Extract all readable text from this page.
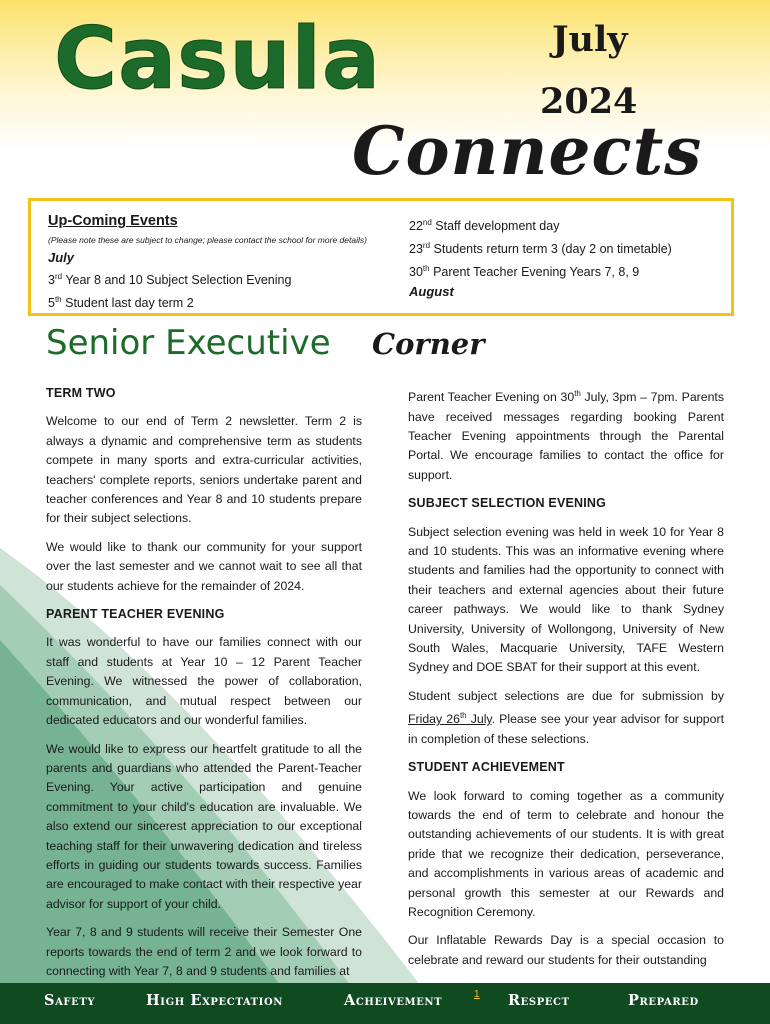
Casula	July
2024
Connects
Up-Coming Events
(Please note these are subject to change; please contact the school for more details)
July
3rd Year 8 and 10 Subject Selection Evening
5th Student last day term 2
22nd Staff development day
23rd Students return term 3 (day 2 on timetable)
30th Parent Teacher Evening Years 7, 8, 9
August
Senior Executive Corner
TERM TWO

Welcome to our end of Term 2 newsletter. Term 2 is always a dynamic and comprehensive term as students compete in many sports and extra-curricular activities, teachers' complete reports, seniors undertake parent and teacher conferences and Year 8 and 10 students prepare for their subject selections.

We would like to thank our community for your support over the last semester and we cannot wait to see all that our students achieve for the remainder of 2024.

PARENT TEACHER EVENING

It was wonderful to have our families connect with our staff and students at Year 10 – 12 Parent Teacher Evening. We witnessed the power of collaboration, communication, and mutual respect between our dedicated educators and our wonderful families.

We would like to express our heartfelt gratitude to all the parents and guardians who attended the Parent-Teacher Evening. Your active participation and genuine commitment to your child's education are invaluable. We also extend our sincerest appreciation to our exceptional teaching staff for their unwavering dedication and tireless efforts in guiding our students towards success. Families are encouraged to make contact with their respective year advisor for support of your child.

Year 7, 8 and 9 students will receive their Semester One reports towards the end of term 2 and we look forward to connecting with Year 7, 8 and 9 students and families at

Parent Teacher Evening on 30th July, 3pm – 7pm. Parents have received messages regarding booking Parent Teacher Evening appointments through the Parental Portal. We encourage families to contact the office for support.

SUBJECT SELECTION EVENING

Subject selection evening was held in week 10 for Year 8 and 10 students. This was an informative evening where students and families had the opportunity to connect with their teachers and external agencies about their future career pathways. We would like to thank Sydney University, University of Wollongong, University of New South Wales, Macquarie University, TAFE Western Sydney and DOE SBAT for their support at this event.

Student subject selections are due for submission by Friday 26th July. Please see your year advisor for support in completion of these selections.

STUDENT ACHIEVEMENT

We look forward to coming together as a community towards the end of term to celebrate and honour the outstanding achievements of our students. It is with great pride that we recognize their dedication, perseverance, and accomplishments in various areas of academic and personal growth this semester at our Rewards and Recognition Ceremony.

Our Inflatable Rewards Day is a special occasion to celebrate and reward our students for their outstanding

Safety	High Expectation	Acheivement	1 Respect	Prepared
